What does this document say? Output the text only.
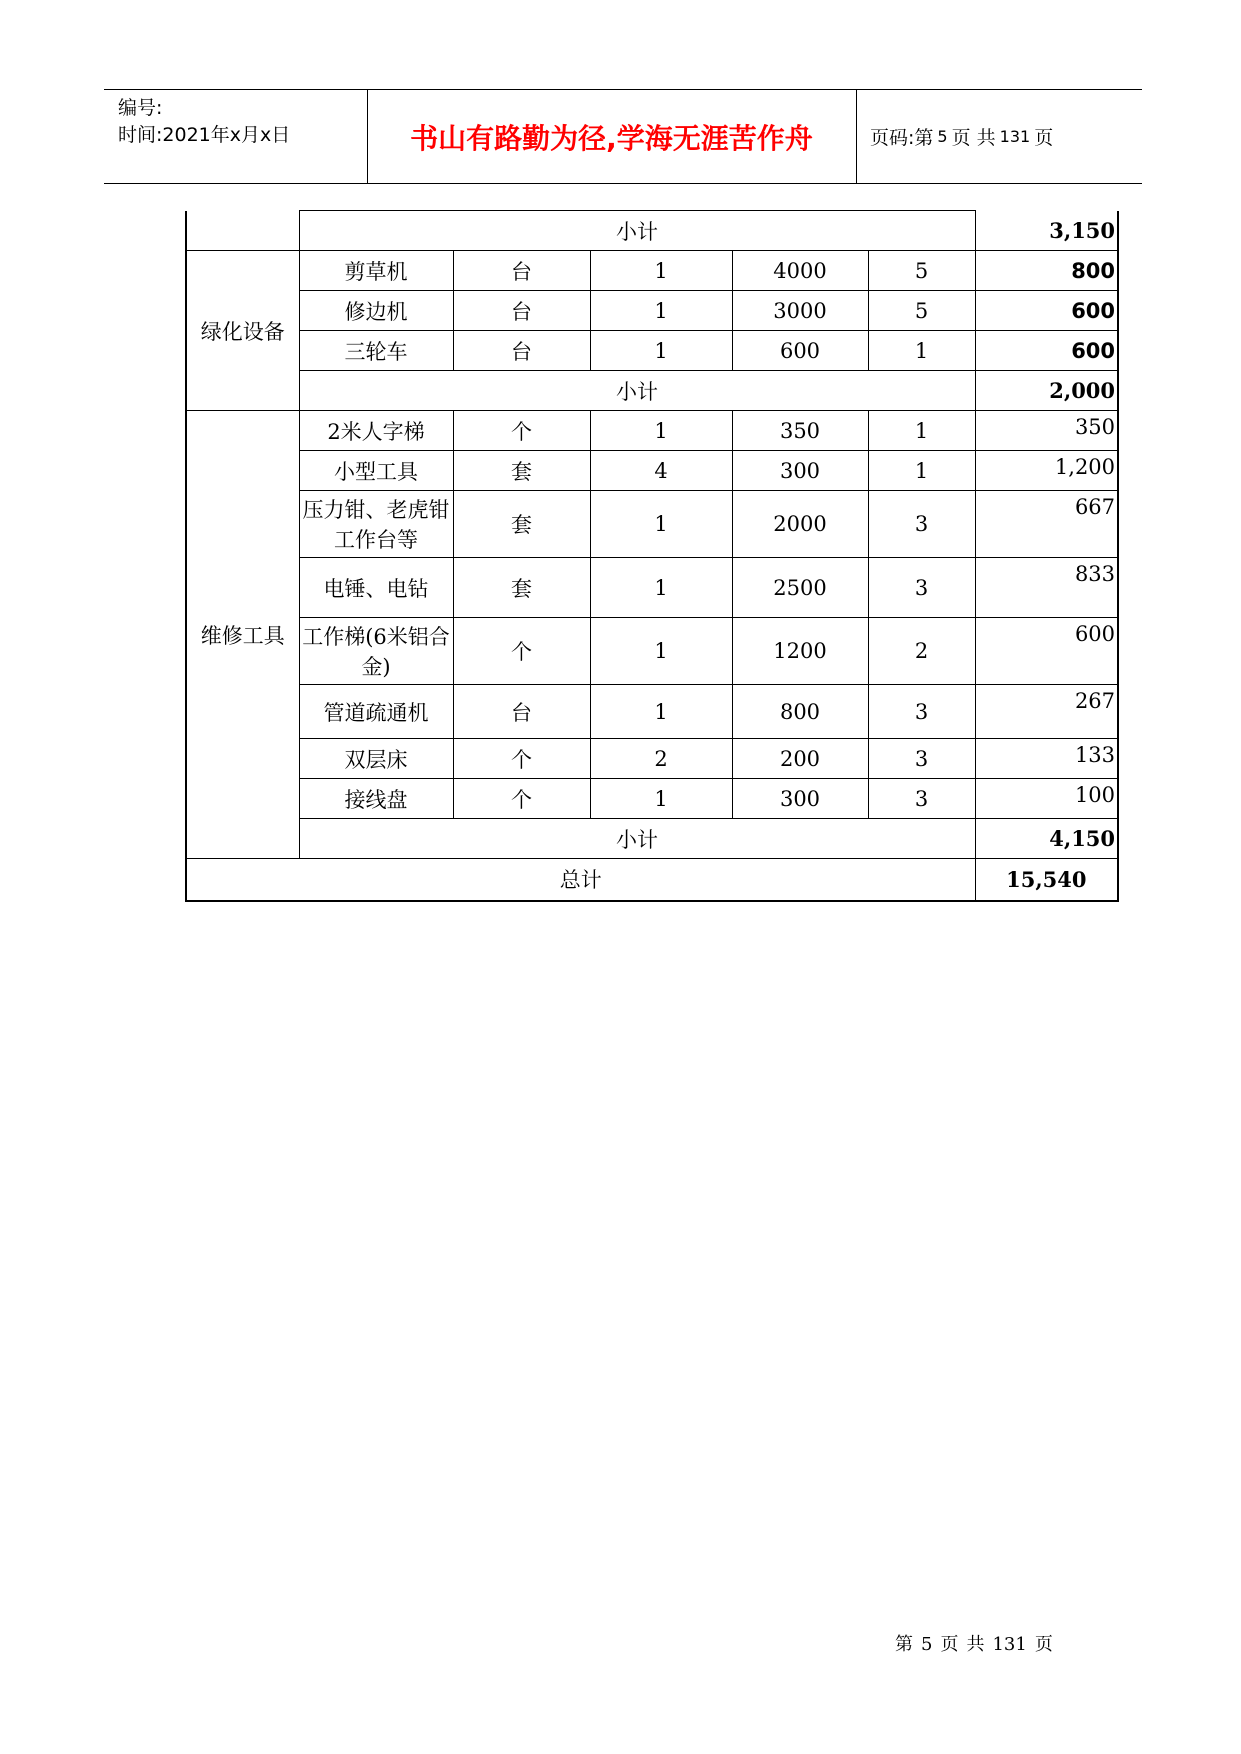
编号:
时间:2021年x月x日	书山有路勤为径,学海无涯苦作舟	页码:第 5 页 共 131 页
	小计					3,150
绿化设备	剪草机	台	1	4000	5	800
	修边机	台	1	3000	5	600
	三轮车	台	1	600	1	600
	小计					2,000
维修工具	2米人字梯	个	1	350	1	350
	小型工具	套	4	300	1	1,200
	压力钳、老虎钳工作台等	套	1	2000	3	667
	电锤、电钻	套	1	2500	3	833
	工作梯(6米铝合金)	个	1	1200	2	600
	管道疏通机	台	1	800	3	267
	双层床	个	2	200	3	133
	接线盘	个	1	300	3	100
	小计					4,150
总计						15,540
第 5 页 共 131 页
